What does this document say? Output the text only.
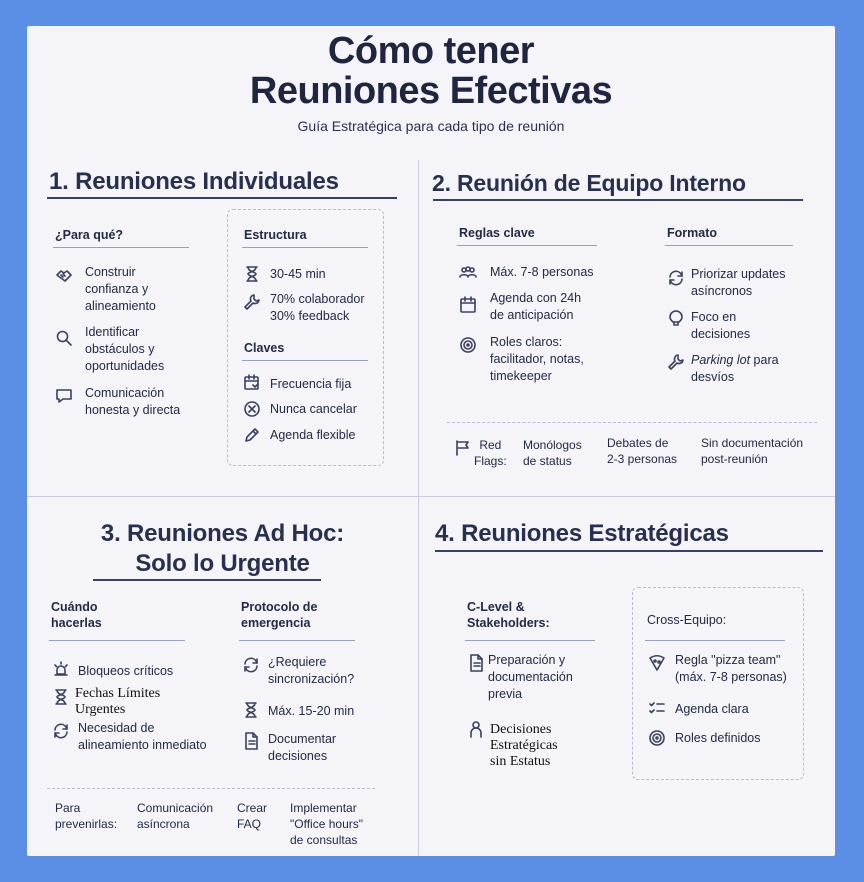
Cómo tener
Reuniones Efectivas
Guía Estratégica para cada tipo de reunión
1. Reuniones Individuales
¿Para qué?
Construir
confianza y
alineamiento
Identificar
obstáculos y
oportunidades
Comunicación
honesta y directa
Estructura
30-45 min
70% colaborador
30% feedback
Claves
Frecuencia fija
Nunca cancelar
Agenda flexible
2. Reunión de Equipo Interno
Reglas clave
Máx. 7-8 personas
Agenda con 24h
de anticipación
Roles claros:
facilitador, notas,
timekeeper
Formato
Priorizar updates
asíncronos
Foco en
decisiones
Parking lot para
desvíos
Red
Flags:
Monólogos
de status
Debates de
2-3 personas
Sin documentación
post-reunión
3. Reuniones Ad Hoc:
Solo lo Urgente
Cuándo
hacerlas
Bloqueos críticos
Fechas Límites
Urgentes
Necesidad de
alineamiento inmediato
Protocolo de
emergencia
¿Requiere
sincronización?
Máx. 15-20 min
Documentar
decisiones
Para
prevenirlas:
Comunicación
asíncrona
Crear
FAQ
Implementar
"Office hours"
de consultas
4. Reuniones Estratégicas
C-Level &
Stakeholders:
Preparación y
documentación
previa
Decisiones
Estratégicas
sin Estatus
Cross-Equipo:
Regla "pizza team"
(máx. 7-8 personas)
Agenda clara
Roles definidos
